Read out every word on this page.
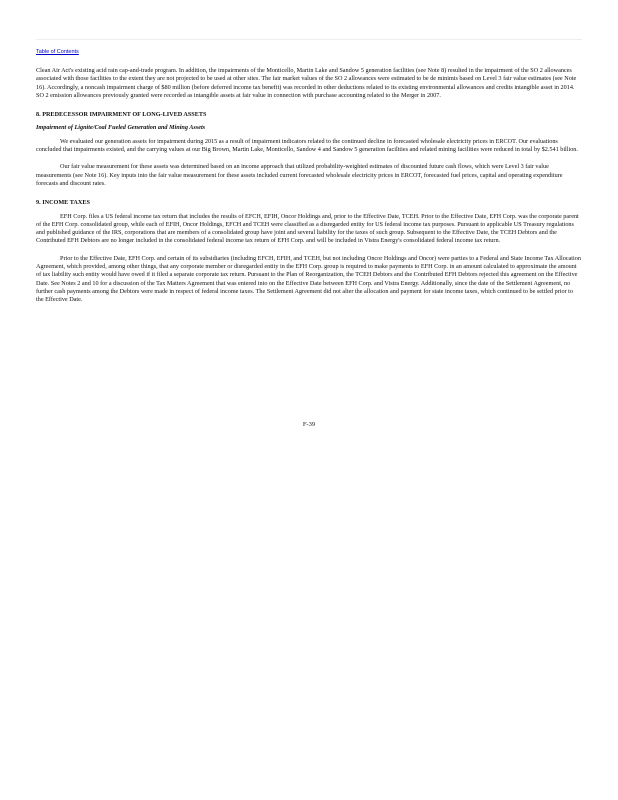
Table of Contents

Clean Air Act's existing acid rain cap-and-trade program. In addition, the impairments of the Monticello, Martin Lake and Sandow 5 generation facilities (see Note 8) resulted in the impairment of the SO 2 allowances associated with those facilities to the extent they are not projected to be used at other sites. The fair market values of the SO 2 allowances were estimated to be de minimis based on Level 3 fair value estimates (see Note 16). Accordingly, a noncash impairment charge of $80 million (before deferred income tax benefit) was recorded in other deductions related to its existing environmental allowances and credits intangible asset in 2014. SO 2 emission allowances previously granted were recorded as intangible assets at fair value in connection with purchase accounting related to the Merger in 2007.

8. PREDECESSOR IMPAIRMENT OF LONG-LIVED ASSETS

Impairment of Lignite/Coal Fueled Generation and Mining Assets

We evaluated our generation assets for impairment during 2015 as a result of impairment indicators related to the continued decline in forecasted wholesale electricity prices in ERCOT. Our evaluations concluded that impairments existed, and the carrying values at our Big Brown, Martin Lake, Monticello, Sandow 4 and Sandow 5 generation facilities and related mining facilities were reduced in total by $2.541 billion.

Our fair value measurement for these assets was determined based on an income approach that utilized probability-weighted estimates of discounted future cash flows, which were Level 3 fair value measurements (see Note 16). Key inputs into the fair value measurement for these assets included current forecasted wholesale electricity prices in ERCOT, forecasted fuel prices, capital and operating expenditure forecasts and discount rates.

9. INCOME TAXES

EFH Corp. files a US federal income tax return that includes the results of EFCH, EFIH, Oncor Holdings and, prior to the Effective Date, TCEH. Prior to the Effective Date, EFH Corp. was the corporate parent of the EFH Corp. consolidated group, while each of EFIH, Oncor Holdings, EFCH and TCEH were classified as a disregarded entity for US federal income tax purposes. Pursuant to applicable US Treasury regulations and published guidance of the IRS, corporations that are members of a consolidated group have joint and several liability for the taxes of such group. Subsequent to the Effective Date, the TCEH Debtors and the Contributed EFH Debtors are no longer included in the consolidated federal income tax return of EFH Corp. and will be included in Vistra Energy's consolidated federal income tax return.

Prior to the Effective Date, EFH Corp. and certain of its subsidiaries (including EFCH, EFIH, and TCEH, but not including Oncor Holdings and Oncor) were parties to a Federal and State Income Tax Allocation Agreement, which provided, among other things, that any corporate member or disregarded entity in the EFH Corp. group is required to make payments to EFH Corp. in an amount calculated to approximate the amount of tax liability such entity would have owed if it filed a separate corporate tax return. Pursuant to the Plan of Reorganization, the TCEH Debtors and the Contributed EFH Debtors rejected this agreement on the Effective Date. See Notes 2 and 10 for a discussion of the Tax Matters Agreement that was entered into on the Effective Date between EFH Corp. and Vistra Energy. Additionally, since the date of the Settlement Agreement, no further cash payments among the Debtors were made in respect of federal income taxes. The Settlement Agreement did not alter the allocation and payment for state income taxes, which continued to be settled prior to the Effective Date.

F-39
